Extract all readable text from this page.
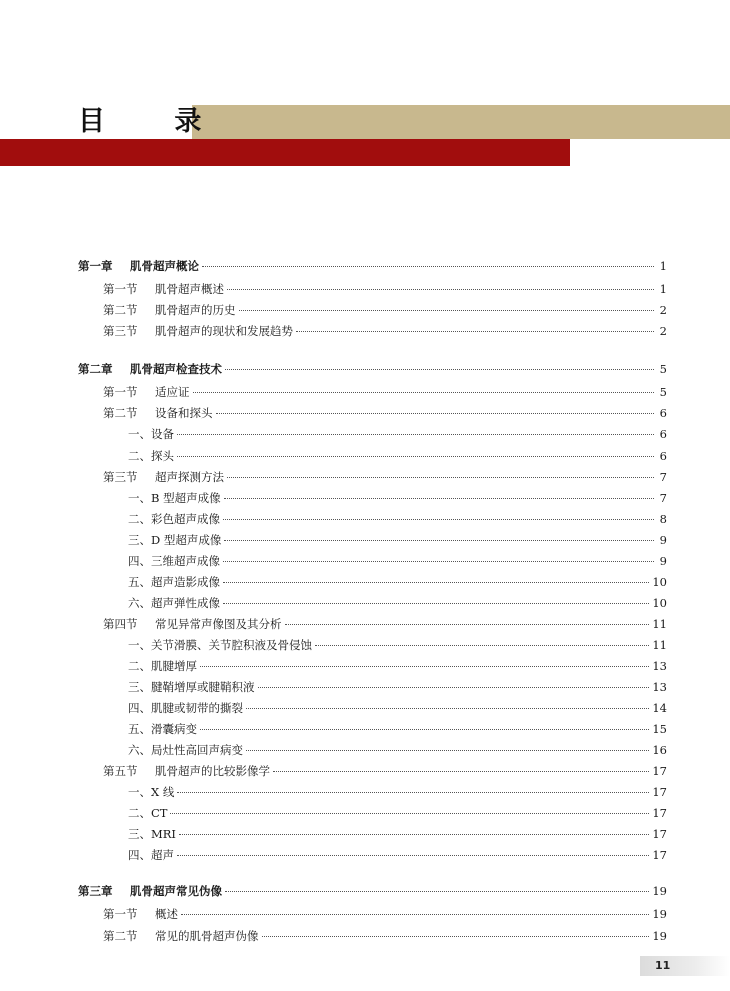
目 录
第一章	肌骨超声概论	1
第一节	肌骨超声概述	1
第二节	肌骨超声的历史	2
第三节	肌骨超声的现状和发展趋势	2
第二章	肌骨超声检查技术	5
第一节	适应证	5
第二节	设备和探头	6
一、设备	6
二、探头	6
第三节	超声探测方法	7
一、B 型超声成像	7
二、彩色超声成像	8
三、D 型超声成像	9
四、三维超声成像	9
五、超声造影成像	10
六、超声弹性成像	10
第四节	常见异常声像图及其分析	11
一、关节滑膜、关节腔积液及骨侵蚀	11
二、肌腱增厚	13
三、腱鞘增厚或腱鞘积液	13
四、肌腱或韧带的撕裂	14
五、滑囊病变	15
六、局灶性高回声病变	16
第五节	肌骨超声的比较影像学	17
一、X 线	17
二、CT	17
三、MRI	17
四、超声	17
第三章	肌骨超声常见伪像	19
第一节	概述	19
第二节	常见的肌骨超声伪像	19
11
